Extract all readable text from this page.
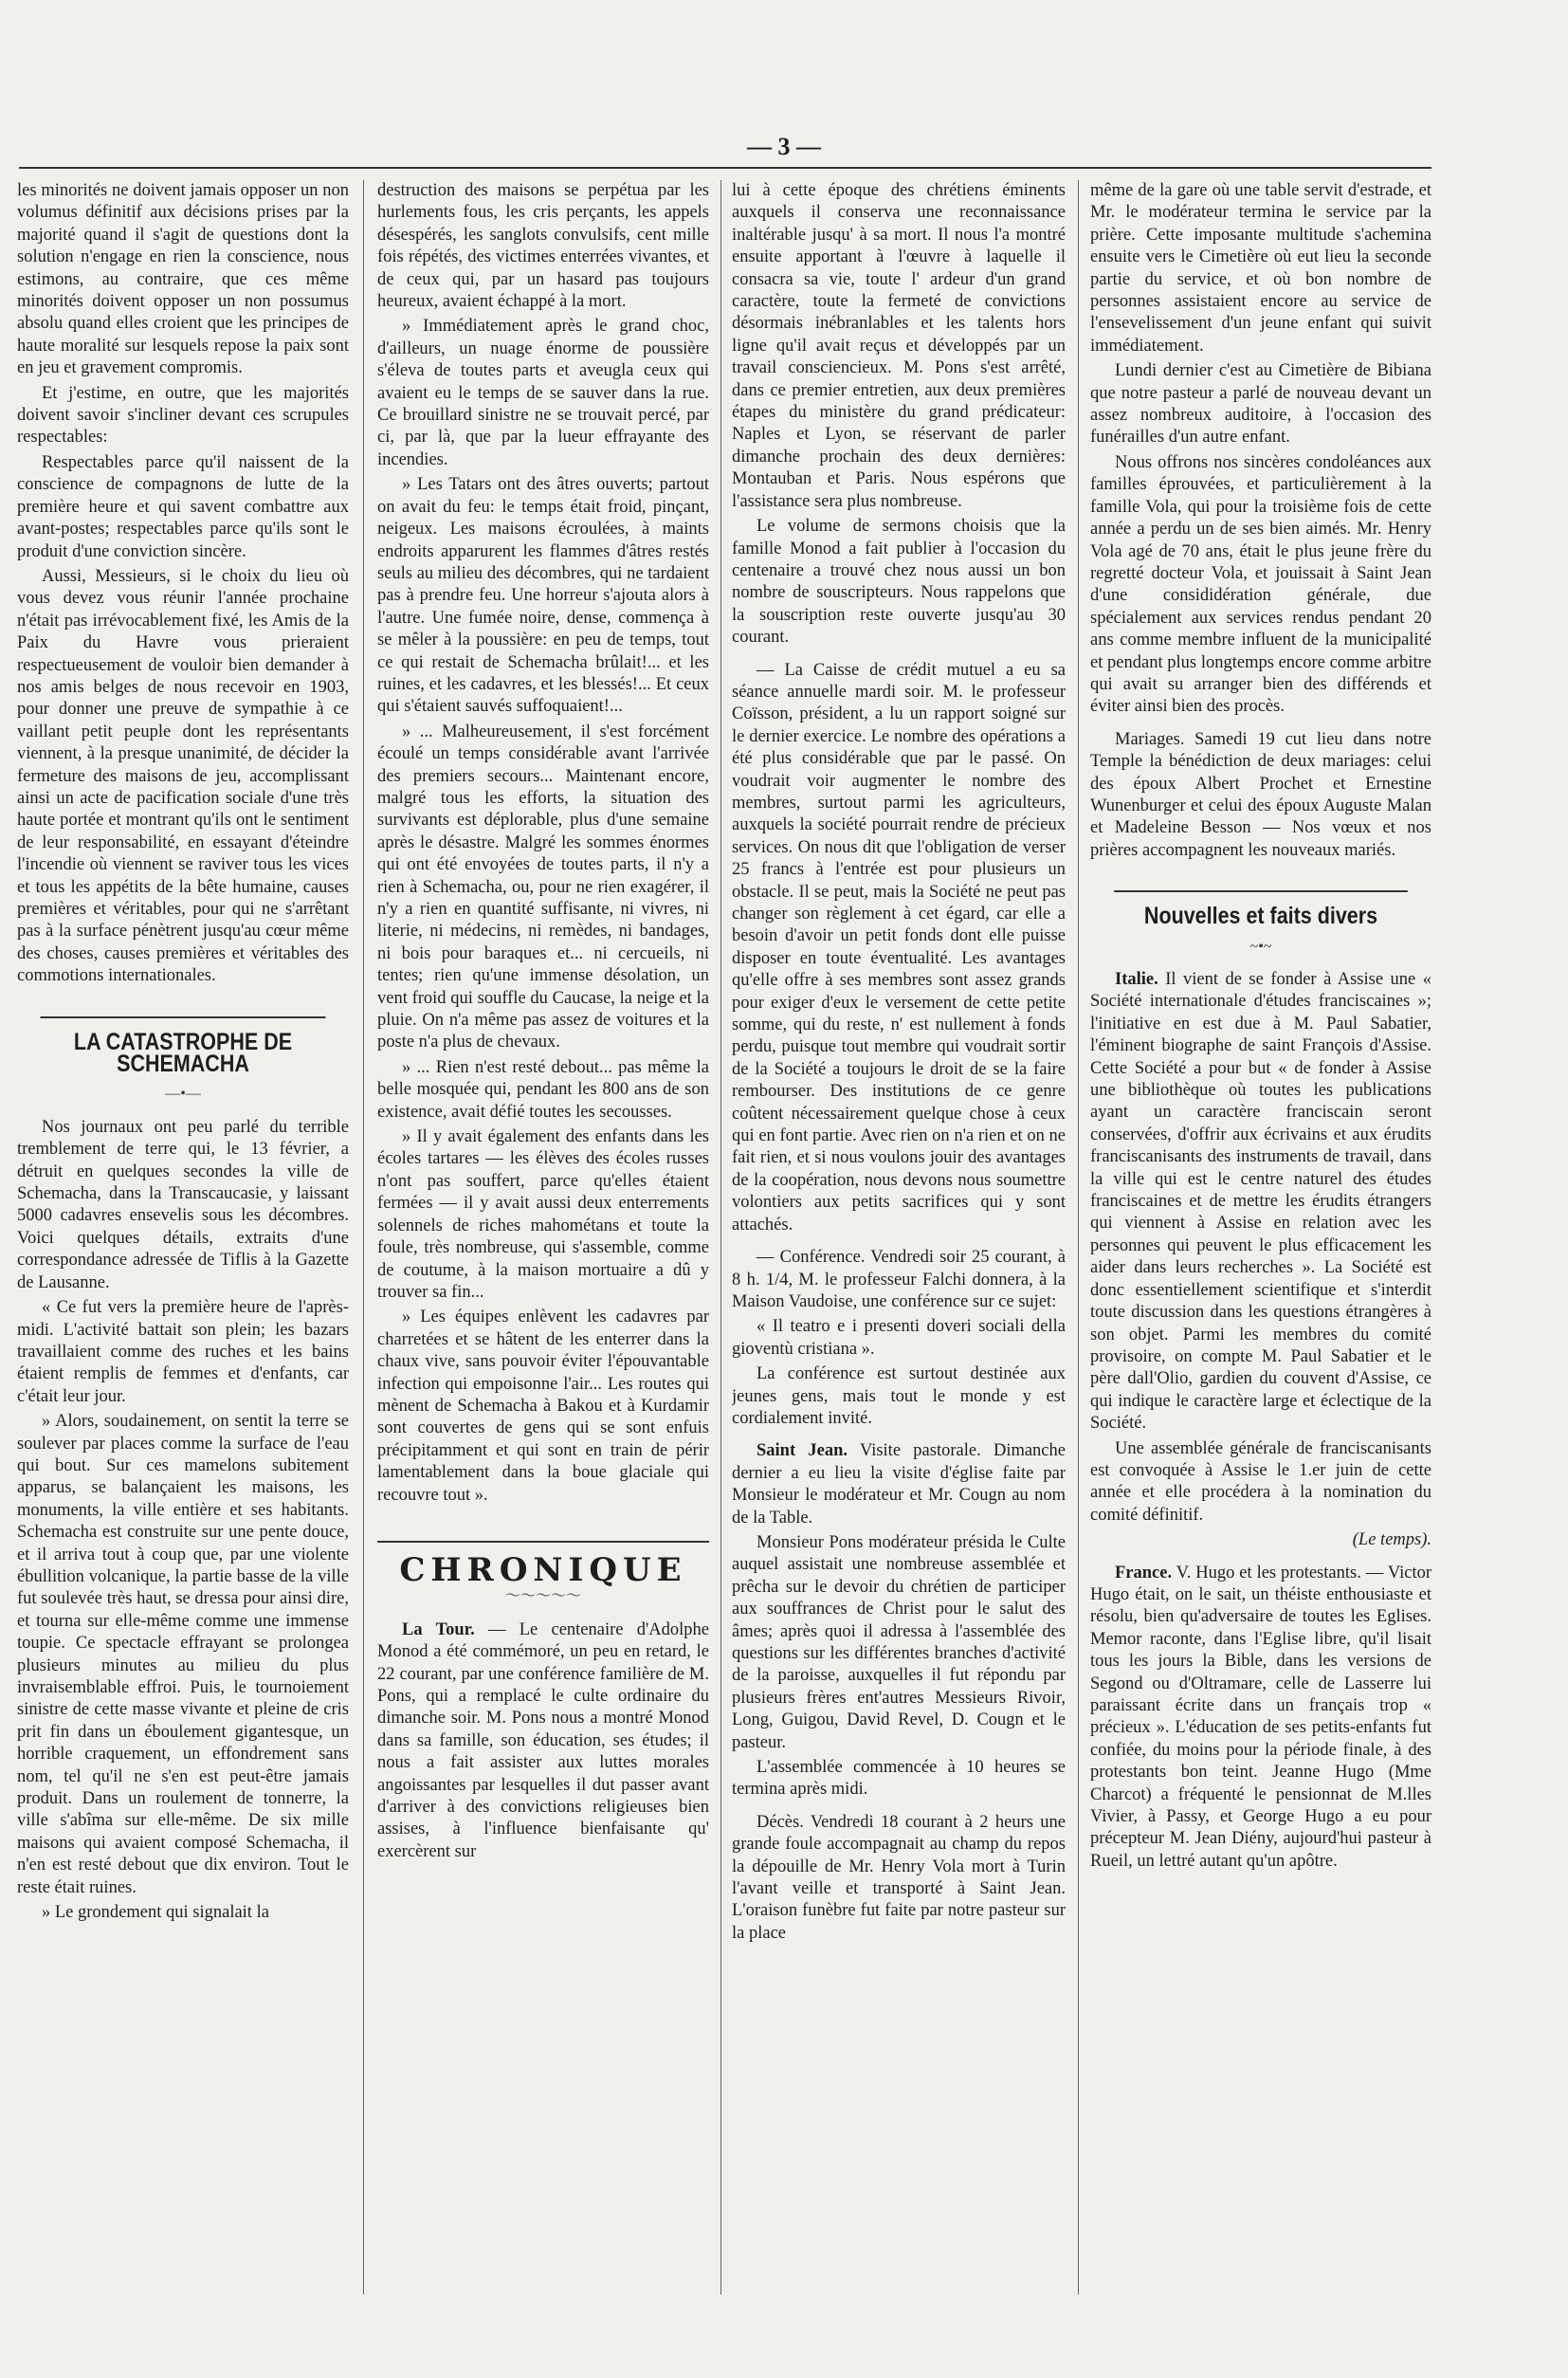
— 3 —

les minorités ne doivent jamais opposer un non volumus définitif aux décisions prises par la majorité quand il s'agit de questions dont la solution n'engage en rien la conscience, nous estimons, au contraire, que ces même minorités doivent opposer un non possumus absolu quand elles croient que les principes de haute moralité sur lesquels repose la paix sont en jeu et gravement compromis.

Et j'estime, en outre, que les majorités doivent savoir s'incliner devant ces scrupules respectables:

Respectables parce qu'il naissent de la conscience de compagnons de lutte de la première heure et qui savent combattre aux avant-postes; respectables parce qu'ils sont le produit d'une conviction sincère.

Aussi, Messieurs, si le choix du lieu où vous devez vous réunir l'année prochaine n'était pas irrévocablement fixé, les Amis de la Paix du Havre vous prieraient respectueusement de vouloir bien demander à nos amis belges de nous recevoir en 1903, pour donner une preuve de sympathie à ce vaillant petit peuple dont les représentants viennent, à la presque unanimité, de décider la fermeture des maisons de jeu, accomplissant ainsi un acte de pacification sociale d'une très haute portée et montrant qu'ils ont le sentiment de leur responsabilité, en essayant d'éteindre l'incendie où viennent se raviver tous les vices et tous les appétits de la bête humaine, causes premières et véritables, pour qui ne s'arrêtant pas à la surface pénètrent jusqu'au cœur même des choses, causes premières et véritables des commotions internationales.

LA CATASTROPHE DE SCHEMACHA
—•—

Nos journaux ont peu parlé du terrible tremblement de terre qui, le 13 février, a détruit en quelques secondes la ville de Schemacha, dans la Transcaucasie, y laissant 5000 cadavres ensevelis sous les décombres. Voici quelques détails, extraits d'une correspondance adressée de Tiflis à la Gazette de Lausanne.

« Ce fut vers la première heure de l'après-midi. L'activité battait son plein; les bazars travaillaient comme des ruches et les bains étaient remplis de femmes et d'enfants, car c'était leur jour.

» Alors, soudainement, on sentit la terre se soulever par places comme la surface de l'eau qui bout. Sur ces mamelons subitement apparus, se balançaient les maisons, les monuments, la ville entière et ses habitants. Schemacha est construite sur une pente douce, et il arriva tout à coup que, par une violente ébullition volcanique, la partie basse de la ville fut soulevée très haut, se dressa pour ainsi dire, et tourna sur elle-même comme une immense toupie. Ce spectacle effrayant se prolongea plusieurs minutes au milieu du plus invraisemblable effroi. Puis, le tournoiement sinistre de cette masse vivante et pleine de cris prit fin dans un éboulement gigantesque, un horrible craquement, un effondrement sans nom, tel qu'il ne s'en est peut-être jamais produit. Dans un roulement de tonnerre, la ville s'abîma sur elle-même. De six mille maisons qui avaient composé Schemacha, il n'en est resté debout que dix environ. Tout le reste était ruines.

» Le grondement qui signalait la

destruction des maisons se perpétua par les hurlements fous, les cris perçants, les appels désespérés, les sanglots convulsifs, cent mille fois répétés, des victimes enterrées vivantes, et de ceux qui, par un hasard pas toujours heureux, avaient échappé à la mort.

» Immédiatement après le grand choc, d'ailleurs, un nuage énorme de poussière s'éleva de toutes parts et aveugla ceux qui avaient eu le temps de se sauver dans la rue. Ce brouillard sinistre ne se trouvait percé, par ci, par là, que par la lueur effrayante des incendies.

» Les Tatars ont des âtres ouverts; partout on avait du feu: le temps était froid, pinçant, neigeux. Les maisons écroulées, à maints endroits apparurent les flammes d'âtres restés seuls au milieu des décombres, qui ne tardaient pas à prendre feu. Une horreur s'ajouta alors à l'autre. Une fumée noire, dense, commença à se mêler à la poussière: en peu de temps, tout ce qui restait de Schemacha brûlait!... et les ruines, et les cadavres, et les blessés!... Et ceux qui s'étaient sauvés suffoquaient!...

» ... Malheureusement, il s'est forcément écoulé un temps considérable avant l'arrivée des premiers secours... Maintenant encore, malgré tous les efforts, la situation des survivants est déplorable, plus d'une semaine après le désastre. Malgré les sommes énormes qui ont été envoyées de toutes parts, il n'y a rien à Schemacha, ou, pour ne rien exagérer, il n'y a rien en quantité suffisante, ni vivres, ni literie, ni médecins, ni remèdes, ni bandages, ni bois pour baraques et... ni cercueils, ni tentes; rien qu'une immense désolation, un vent froid qui souffle du Caucase, la neige et la pluie. On n'a même pas assez de voitures et la poste n'a plus de chevaux.

» ... Rien n'est resté debout... pas même la belle mosquée qui, pendant les 800 ans de son existence, avait défié toutes les secousses.

» Il y avait également des enfants dans les écoles tartares — les élèves des écoles russes n'ont pas souffert, parce qu'elles étaient fermées — il y avait aussi deux enterrements solennels de riches mahométans et toute la foule, très nombreuse, qui s'assemble, comme de coutume, à la maison mortuaire a dû y trouver sa fin...

» Les équipes enlèvent les cadavres par charretées et se hâtent de les enterrer dans la chaux vive, sans pouvoir éviter l'épouvantable infection qui empoisonne l'air... Les routes qui mènent de Schemacha à Bakou et à Kurdamir sont couvertes de gens qui se sont enfuis précipitamment et qui sont en train de périr lamentablement dans la boue glaciale qui recouvre tout ».

CHRONIQUE
〜〜〜〜〜

La Tour. — Le centenaire d'Adolphe Monod a été commémoré, un peu en retard, le 22 courant, par une conférence familière de M. Pons, qui a remplacé le culte ordinaire du dimanche soir. M. Pons nous a montré Monod dans sa famille, son éducation, ses études; il nous a fait assister aux luttes morales angoissantes par lesquelles il dut passer avant d'arriver à des convictions religieuses bien assises, à l'influence bienfaisante qu' exercèrent sur

lui à cette époque des chrétiens éminents auxquels il conserva une reconnaissance inaltérable jusqu' à sa mort. Il nous l'a montré ensuite apportant à l'œuvre à laquelle il consacra sa vie, toute l' ardeur d'un grand caractère, toute la fermeté de convictions désormais inébranlables et les talents hors ligne qu'il avait reçus et développés par un travail consciencieux. M. Pons s'est arrêté, dans ce premier entretien, aux deux premières étapes du ministère du grand prédicateur: Naples et Lyon, se réservant de parler dimanche prochain des deux dernières: Montauban et Paris. Nous espérons que l'assistance sera plus nombreuse.

Le volume de sermons choisis que la famille Monod a fait publier à l'occasion du centenaire a trouvé chez nous aussi un bon nombre de souscripteurs. Nous rappelons que la souscription reste ouverte jusqu'au 30 courant.

— La Caisse de crédit mutuel a eu sa séance annuelle mardi soir. M. le professeur Coïsson, président, a lu un rapport soigné sur le dernier exercice. Le nombre des opérations a été plus considérable que par le passé. On voudrait voir augmenter le nombre des membres, surtout parmi les agriculteurs, auxquels la société pourrait rendre de précieux services. On nous dit que l'obligation de verser 25 francs à l'entrée est pour plusieurs un obstacle. Il se peut, mais la Société ne peut pas changer son règlement à cet égard, car elle a besoin d'avoir un petit fonds dont elle puisse disposer en toute éventualité. Les avantages qu'elle offre à ses membres sont assez grands pour exiger d'eux le versement de cette petite somme, qui du reste, n' est nullement à fonds perdu, puisque tout membre qui voudrait sortir de la Société a toujours le droit de se la faire rembourser. Des institutions de ce genre coûtent nécessairement quelque chose à ceux qui en font partie. Avec rien on n'a rien et on ne fait rien, et si nous voulons jouir des avantages de la coopération, nous devons nous soumettre volontiers aux petits sacrifices qui y sont attachés.

— Conférence. Vendredi soir 25 courant, à 8 h. 1/4, M. le professeur Falchi donnera, à la Maison Vaudoise, une conférence sur ce sujet:

« Il teatro e i presenti doveri sociali della gioventù cristiana ».

La conférence est surtout destinée aux jeunes gens, mais tout le monde y est cordialement invité.

Saint Jean. Visite pastorale. Dimanche dernier a eu lieu la visite d'église faite par Monsieur le modérateur et Mr. Cougn au nom de la Table.

Monsieur Pons modérateur présida le Culte auquel assistait une nombreuse assemblée et prêcha sur le devoir du chrétien de participer aux souffrances de Christ pour le salut des âmes; après quoi il adressa à l'assemblée des questions sur les différentes branches d'activité de la paroisse, auxquelles il fut répondu par plusieurs frères ent'autres Messieurs Rivoir, Long, Guigou, David Revel, D. Cougn et le pasteur.

L'assemblée commencée à 10 heures se termina après midi.

Décès. Vendredi 18 courant à 2 heurs une grande foule accompagnait au champ du repos la dépouille de Mr. Henry Vola mort à Turin l'avant veille et transporté à Saint Jean. L'oraison funèbre fut faite par notre pasteur sur la place

même de la gare où une table servit d'estrade, et Mr. le modérateur termina le service par la prière. Cette imposante multitude s'achemina ensuite vers le Cimetière où eut lieu la seconde partie du service, et où bon nombre de personnes assistaient encore au service de l'ensevelissement d'un jeune enfant qui suivit immédiatement.

Lundi dernier c'est au Cimetière de Bibiana que notre pasteur a parlé de nouveau devant un assez nombreux auditoire, à l'occasion des funérailles d'un autre enfant.

Nous offrons nos sincères condoléances aux familles éprouvées, et particulièrement à la famille Vola, qui pour la troisième fois de cette année a perdu un de ses bien aimés. Mr. Henry Vola agé de 70 ans, était le plus jeune frère du regretté docteur Vola, et jouissait à Saint Jean d'une consididération générale, due spécialement aux services rendus pendant 20 ans comme membre influent de la municipalité et pendant plus longtemps encore comme arbitre qui avait su arranger bien des différends et éviter ainsi bien des procès.

Mariages. Samedi 19 cut lieu dans notre Temple la bénédiction de deux mariages: celui des époux Albert Prochet et Ernestine Wunenburger et celui des époux Auguste Malan et Madeleine Besson — Nos vœux et nos prières accompagnent les nouveaux mariés.

Nouvelles et faits divers
~•~

Italie. Il vient de se fonder à Assise une « Société internationale d'études franciscaines »; l'initiative en est due à M. Paul Sabatier, l'éminent biographe de saint François d'Assise. Cette Société a pour but « de fonder à Assise une bibliothèque où toutes les publications ayant un caractère franciscain seront conservées, d'offrir aux écrivains et aux érudits franciscanisants des instruments de travail, dans la ville qui est le centre naturel des études franciscaines et de mettre les érudits étrangers qui viennent à Assise en relation avec les personnes qui peuvent le plus efficacement les aider dans leurs recherches ». La Société est donc essentiellement scientifique et s'interdit toute discussion dans les questions étrangères à son objet. Parmi les membres du comité provisoire, on compte M. Paul Sabatier et le père dall'Olio, gardien du couvent d'Assise, ce qui indique le caractère large et éclectique de la Société.

Une assemblée générale de franciscanisants est convoquée à Assise le 1.er juin de cette année et elle procédera à la nomination du comité définitif.

(Le temps).

France. V. Hugo et les protestants. — Victor Hugo était, on le sait, un théiste enthousiaste et résolu, bien qu'adversaire de toutes les Eglises. Memor raconte, dans l'Eglise libre, qu'il lisait tous les jours la Bible, dans les versions de Segond ou d'Oltramare, celle de Lasserre lui paraissant écrite dans un français trop « précieux ». L'éducation de ses petits-enfants fut confiée, du moins pour la période finale, à des protestants bon teint. Jeanne Hugo (Mme Charcot) a fréquenté le pensionnat de M.lles Vivier, à Passy, et George Hugo a eu pour précepteur M. Jean Diény, aujourd'hui pasteur à Rueil, un lettré autant qu'un apôtre.
